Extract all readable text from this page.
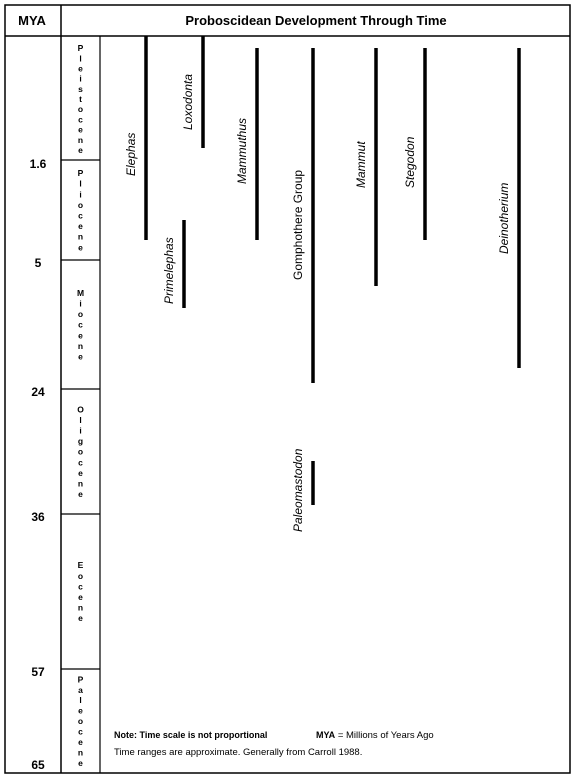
MYA	Proboscidean Development Through Time
1.6
5
24
36
57
65
P l e i s t o c e n e
P l i o c e n e
M i o c e n e
O l i g o c e n e
E o c e n e
P a l e o c e n e
Elephas
Loxodonta
Primelephas
Mammuthus
Gomphothere Group
Paleomastodon
Mammut	Stegodon
Deinotherium
Note: Time scale is not proportional	MYA = Millions of Years Ago
Time ranges are approximate. Generally from Carroll 1988.
